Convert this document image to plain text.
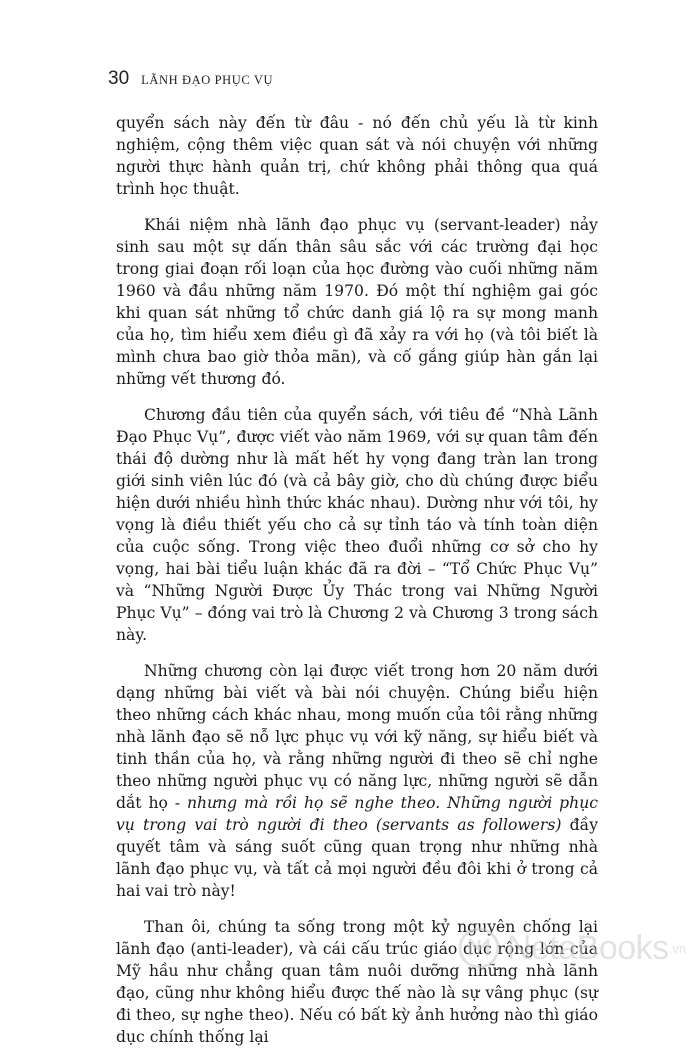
30 LÃNH ĐẠO PHỤC VỤ

quyển sách này đến từ đâu - nó đến chủ yếu là từ kinh nghiệm, cộng thêm việc quan sát và nói chuyện với những người thực hành quản trị, chứ không phải thông qua quá trình học thuật.

Khái niệm nhà lãnh đạo phục vụ (servant-leader) nảy sinh sau một sự dấn thân sâu sắc với các trường đại học trong giai đoạn rối loạn của học đường vào cuối những năm 1960 và đầu những năm 1970. Đó một thí nghiệm gai góc khi quan sát những tổ chức danh giá lộ ra sự mong manh của họ, tìm hiểu xem điều gì đã xảy ra với họ (và tôi biết là mình chưa bao giờ thỏa mãn), và cố gắng giúp hàn gắn lại những vết thương đó.

Chương đầu tiên của quyển sách, với tiêu đề “Nhà Lãnh Đạo Phục Vụ”, được viết vào năm 1969, với sự quan tâm đến thái độ dường như là mất hết hy vọng đang tràn lan trong giới sinh viên lúc đó (và cả bây giờ, cho dù chúng được biểu hiện dưới nhiều hình thức khác nhau). Dường như với tôi, hy vọng là điều thiết yếu cho cả sự tỉnh táo và tính toàn diện của cuộc sống. Trong việc theo đuổi những cơ sở cho hy vọng, hai bài tiểu luận khác đã ra đời – “Tổ Chức Phục Vụ” và “Những Người Được Ủy Thác trong vai Những Người Phục Vụ” – đóng vai trò là Chương 2 và Chương 3 trong sách này.

Những chương còn lại được viết trong hơn 20 năm dưới dạng những bài viết và bài nói chuyện. Chúng biểu hiện theo những cách khác nhau, mong muốn của tôi rằng những nhà lãnh đạo sẽ nỗ lực phục vụ với kỹ năng, sự hiểu biết và tinh thần của họ, và rằng những người đi theo sẽ chỉ nghe theo những người phục vụ có năng lực, những người sẽ dẫn dắt họ - nhưng mà rồi họ sẽ nghe theo. Những người phục vụ trong vai trò người đi theo (servants as followers) đầy quyết tâm và sáng suốt cũng quan trọng như những nhà lãnh đạo phục vụ, và tất cả mọi người đều đôi khi ở trong cả hai vai trò này!

Than ôi, chúng ta sống trong một kỷ nguyên chống lại lãnh đạo (anti-leader), và cái cấu trúc giáo dục rộng lớn của Mỹ hầu như chẳng quan tâm nuôi dưỡng những nhà lãnh đạo, cũng như không hiểu được thế nào là sự vâng phục (sự đi theo, sự nghe theo). Nếu có bất kỳ ảnh hưởng nào thì giáo dục chính thống lại

NetaBooks .vn
